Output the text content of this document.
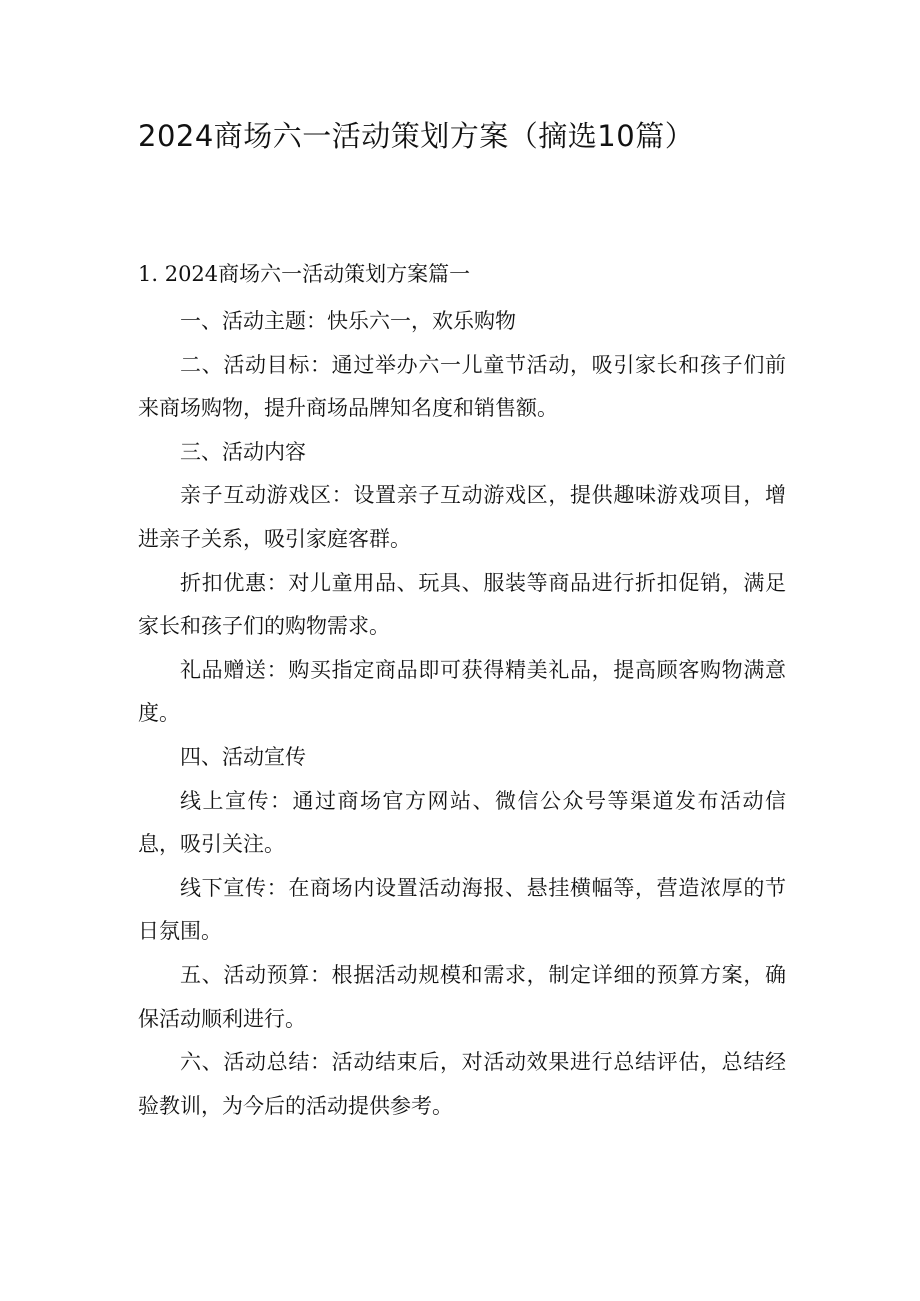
2024商场六一活动策划方案（摘选10篇）
1. 2024商场六一活动策划方案篇一

一、活动主题：快乐六一，欢乐购物

二、活动目标：通过举办六一儿童节活动，吸引家长和孩子们前来商场购物，提升商场品牌知名度和销售额。

三、活动内容

亲子互动游戏区：设置亲子互动游戏区，提供趣味游戏项目，增进亲子关系，吸引家庭客群。

折扣优惠：对儿童用品、玩具、服装等商品进行折扣促销，满足家长和孩子们的购物需求。

礼品赠送：购买指定商品即可获得精美礼品，提高顾客购物满意度。

四、活动宣传

线上宣传：通过商场官方网站、微信公众号等渠道发布活动信息，吸引关注。

线下宣传：在商场内设置活动海报、悬挂横幅等，营造浓厚的节日氛围。

五、活动预算：根据活动规模和需求，制定详细的预算方案，确保活动顺利进行。

六、活动总结：活动结束后，对活动效果进行总结评估，总结经验教训，为今后的活动提供参考。
